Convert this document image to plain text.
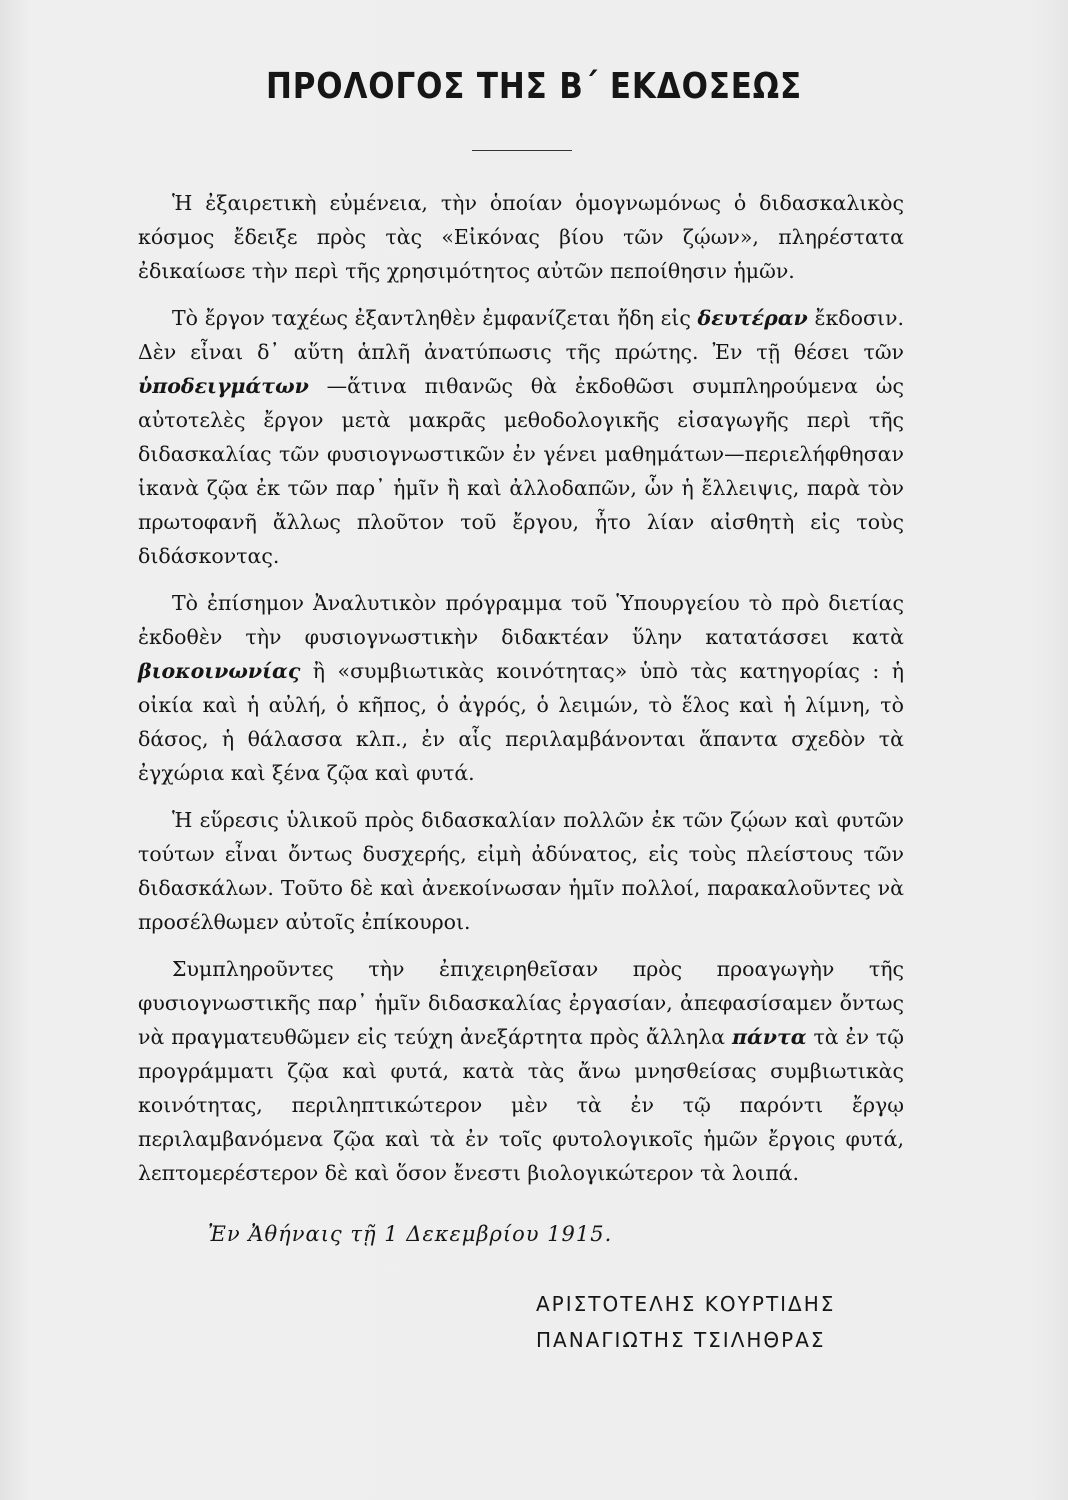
ΠΡΟΛΟΓΟΣ ΤΗΣ Β΄ ΕΚΔΟΣΕΩΣ

Ἡ ἐξαιρετικὴ εὐμένεια, τὴν ὁποίαν ὁμογνωμόνως ὁ διδασκαλικὸς κόσμος ἔδειξε πρὸς τὰς «Εἰκόνας βίου τῶν ζῴων», πληρέστατα ἐδικαίωσε τὴν περὶ τῆς χρησιμότητος αὐτῶν πεποίθησιν ἡμῶν.

Τὸ ἔργον ταχέως ἐξαντληθὲν ἐμφανίζεται ἤδη εἰς δευτέραν ἔκδοσιν. Δὲν εἶναι δ᾽ αὕτη ἁπλῆ ἀνατύπωσις τῆς πρώτης. Ἐν τῇ θέσει τῶν ὑποδειγμάτων —ἅτινα πιθανῶς θὰ ἐκδοθῶσι συμπληρούμενα ὡς αὐτοτελὲς ἔργον μετὰ μακρᾶς μεθοδολογικῆς εἰσαγωγῆς περὶ τῆς διδασκαλίας τῶν φυσιογνωστικῶν ἐν γένει μαθημάτων—περιελήφθησαν ἱκανὰ ζῷα ἐκ τῶν παρ᾽ ἡμῖν ἢ καὶ ἀλλοδαπῶν, ὧν ἡ ἔλλειψις, παρὰ τὸν πρωτοφανῆ ἄλλως πλοῦτον τοῦ ἔργου, ἦτο λίαν αἰσθητὴ εἰς τοὺς διδάσκοντας.

Τὸ ἐπίσημον Ἀναλυτικὸν πρόγραμμα τοῦ Ὑπουργείου τὸ πρὸ διετίας ἐκδοθὲν τὴν φυσιογνωστικὴν διδακτέαν ὕλην κατατάσσει κατὰ βιοκοινωνίας ἢ «συμβιωτικὰς κοινότητας» ὑπὸ τὰς κατηγορίας : ἡ οἰκία καὶ ἡ αὐλή, ὁ κῆπος, ὁ ἀγρός, ὁ λειμών, τὸ ἕλος καὶ ἡ λίμνη, τὸ δάσος, ἡ θάλασσα κλπ., ἐν αἷς περιλαμβάνονται ἅπαντα σχεδὸν τὰ ἐγχώρια καὶ ξένα ζῷα καὶ φυτά.

Ἡ εὕρεσις ὑλικοῦ πρὸς διδασκαλίαν πολλῶν ἐκ τῶν ζῴων καὶ φυτῶν τούτων εἶναι ὄντως δυσχερής, εἰμὴ ἀδύνατος, εἰς τοὺς πλείστους τῶν διδασκάλων. Τοῦτο δὲ καὶ ἀνεκοίνωσαν ἡμῖν πολλοί, παρακαλοῦντες νὰ προσέλθωμεν αὐτοῖς ἐπίκουροι.

Συμπληροῦντες τὴν ἐπιχειρηθεῖσαν πρὸς προαγωγὴν τῆς φυσιογνωστικῆς παρ᾽ ἡμῖν διδασκαλίας ἐργασίαν, ἀπεφασίσαμεν ὄντως νὰ πραγματευθῶμεν εἰς τεύχη ἀνεξάρτητα πρὸς ἄλληλα πάντα τὰ ἐν τῷ προγράμματι ζῷα καὶ φυτά, κατὰ τὰς ἄνω μνησθείσας συμβιωτικὰς κοινότητας, περιληπτικώτερον μὲν τὰ ἐν τῷ παρόντι ἔργῳ περιλαμβανόμενα ζῷα καὶ τὰ ἐν τοῖς φυτολογικοῖς ἡμῶν ἔργοις φυτά, λεπτομερέστερον δὲ καὶ ὅσον ἔνεστι βιολογικώτερον τὰ λοιπά.

Ἐν Ἀθήναις τῇ 1 Δεκεμβρίου 1915.
ΑΡΙΣΤΟΤΕΛΗΣ ΚΟΥΡΤΙΔΗΣ
ΠΑΝΑΓΙΩΤΗΣ ΤΣΙΛΗΘΡΑΣ
